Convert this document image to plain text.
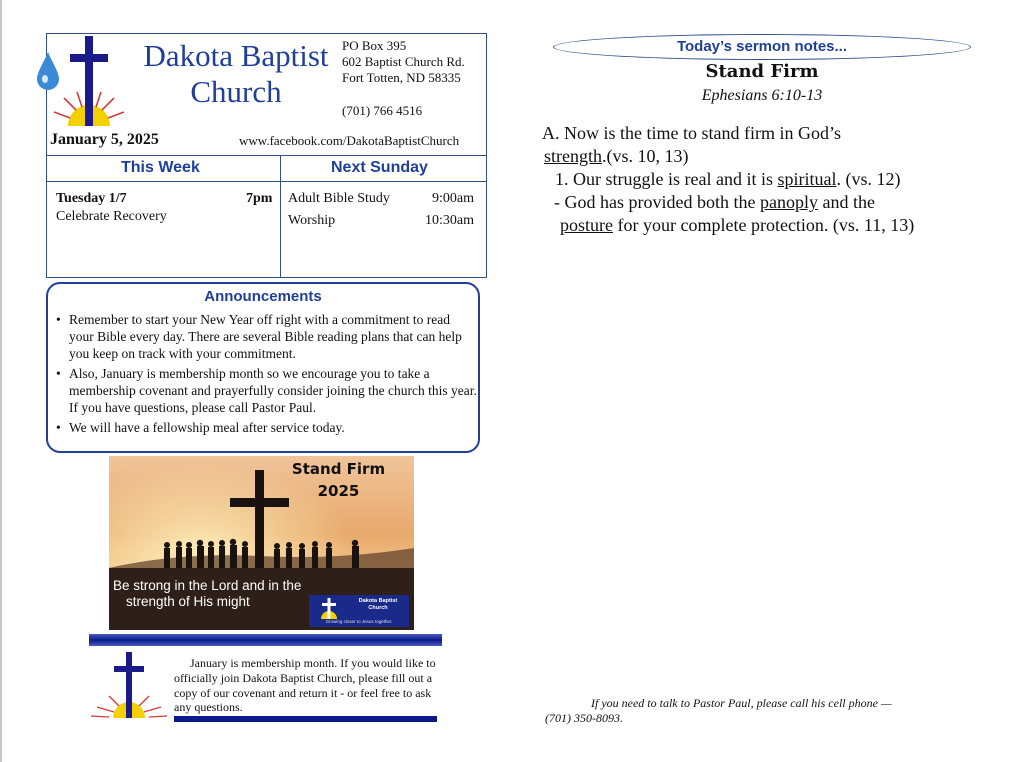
Dakota Baptist
Church
PO Box 395
602 Baptist Church Rd.
Fort Totten, ND 58335
(701) 766 4516
January 5, 2025	www.facebook.com/DakotaBaptistChurch
This Week	Next Sunday
Tuesday 1/7	7pm
Celebrate Recovery
Adult Bible Study	9:00am
Worship	10:30am
Announcements
• Remember to start your New Year off right with a commitment to read your Bible every day. There are several Bible reading plans that can help you keep on track with your commitment.
• Also, January is membership month so we encourage you to take a membership covenant and prayerfully consider joining the church this year. If you have questions, please call Pastor Paul.
• We will have a fellowship meal after service today.
Stand Firm
2025
Be strong in the Lord and in the
strength of His might	Dakota Baptist
Church
Growing closer to Jesus together.
January is membership month. If you would like to officially join Dakota Baptist Church, please fill out a copy of our covenant and return it - or feel free to ask any questions.
Today’s sermon notes...
Stand Firm
Ephesians 6:10-13
A. Now is the time to stand firm in God’s
strength.(vs. 10, 13)
1. Our struggle is real and it is spiritual. (vs. 12)
- God has provided both the panoply and the
posture for your complete protection. (vs. 11, 13)
If you need to talk to Pastor Paul, please call his cell phone —
(701) 350-8093.
